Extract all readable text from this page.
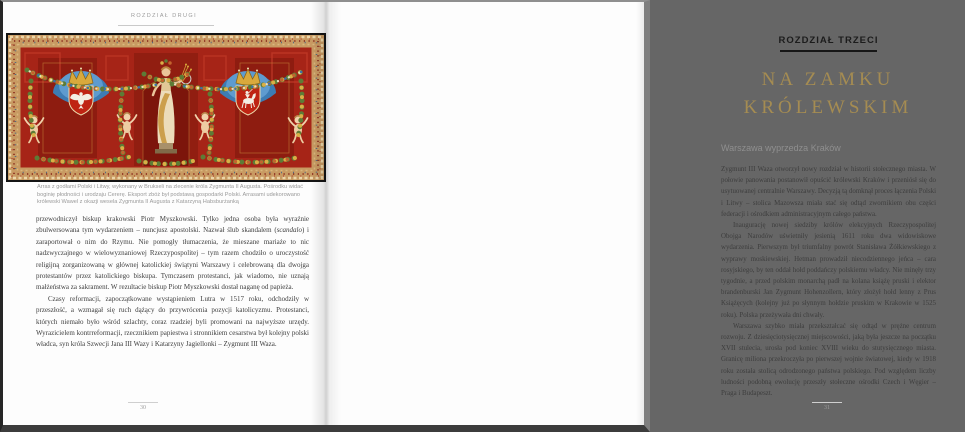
ROZDZIAŁ DRUGI
Arras z godłami Polski i Litwy, wykonany w Brukseli na zlecenie króla Zygmunta II Augusta. Pośrodku widać boginię płodności i urodzaju Cererę. Eksport zbóż był podstawą gospodarki Polski. Arrasami udekorowano królewski Wawel z okazji wesela Zygmunta II Augusta z Katarzyną Habsburżanką

przewodniczył biskup krakowski Piotr Myszkowski. Tylko jedna osoba była wyraźnie zbulwersowana tym wydarzeniem – nuncjusz apostolski. Nazwał ślub skandalem (scandalo) i zaraportował o nim do Rzymu. Nie pomogły tłumaczenia, że mieszane mariaże to nic nadzwyczajnego w wielowyznaniowej Rzeczypospolitej – tym razem chodziło o uroczystość religijną zorganizowaną w głównej katolickiej świątyni Warszawy i celebrowaną dla dwojga protestantów przez katolickiego biskupa. Tymczasem protestanci, jak wiadomo, nie uznają małżeństwa za sakrament. W rezultacie biskup Piotr Myszkowski dostał naganę od papieża.

Czasy reformacji, zapoczątkowane wystąpieniem Lutra w 1517 roku, odchodziły w przeszłość, a wzmagał się ruch dążący do przywrócenia pozycji katolicyzmu. Protestanci, których niemało było wśród szlachty, coraz rzadziej byli promowani na najwyższe urzędy. Wyrazicielem kontrreformacji, rzecznikiem papiestwa i stronnikiem cesarstwa był kolejny polski władca, syn króla Szwecji Jana III Wazy i Katarzyny Jagiellonki – Zygmunt III Waza.

30
ROZDZIAŁ TRZECI
NA ZAMKU
KRÓLEWSKIM
Warszawa wyprzedza Kraków

Zygmunt III Waza otworzył nowy rozdział w historii stołecznego miasta. W połowie panowania postanowił opuścić królewski Kraków i przeniósł się do usytuowanej centralnie Warszawy. Decyzją tą domknął proces łączenia Polski i Litwy – stolica Mazowsza miała stać się odtąd zwornikiem obu części federacji i ośrodkiem administracyjnym całego państwa.

Inaugurację nowej siedziby królów elekcyjnych Rzeczypospolitej Obojga Narodów uświetniły jesienią 1611 roku dwa widowiskowe wydarzenia. Pierwszym był triumfalny powrót Stanisława Żółkiewskiego z wyprawy moskiewskiej. Hetman prowadził niecodziennego jeńca – cara rosyjskiego, by ten oddał hołd poddańczy polskiemu władcy. Nie minęły trzy tygodnie, a przed polskim monarchą padł na kolana książę pruski i elektor brandenburski Jan Zygmunt Hohenzollern, który złożył hołd lenny z Prus Książęcych (kolejny już po słynnym hołdzie pruskim w Krakowie w 1525 roku). Polska przeżywała dni chwały.

Warszawa szybko miała przekształcać się odtąd w prężne centrum rozwoju. Z dziesięciotysięcznej miejscowości, jaką była jeszcze na początku XVII stulecia, urosła pod koniec XVIII wieku do stutysięcznego miasta. Granicę miliona przekroczyła po pierwszej wojnie światowej, kiedy w 1918 roku została stolicą odrodzonego państwa polskiego. Pod względem liczby ludności podobną ewolucję przeszły stołeczne ośrodki Czech i Węgier – Praga i Budapeszt.

31
